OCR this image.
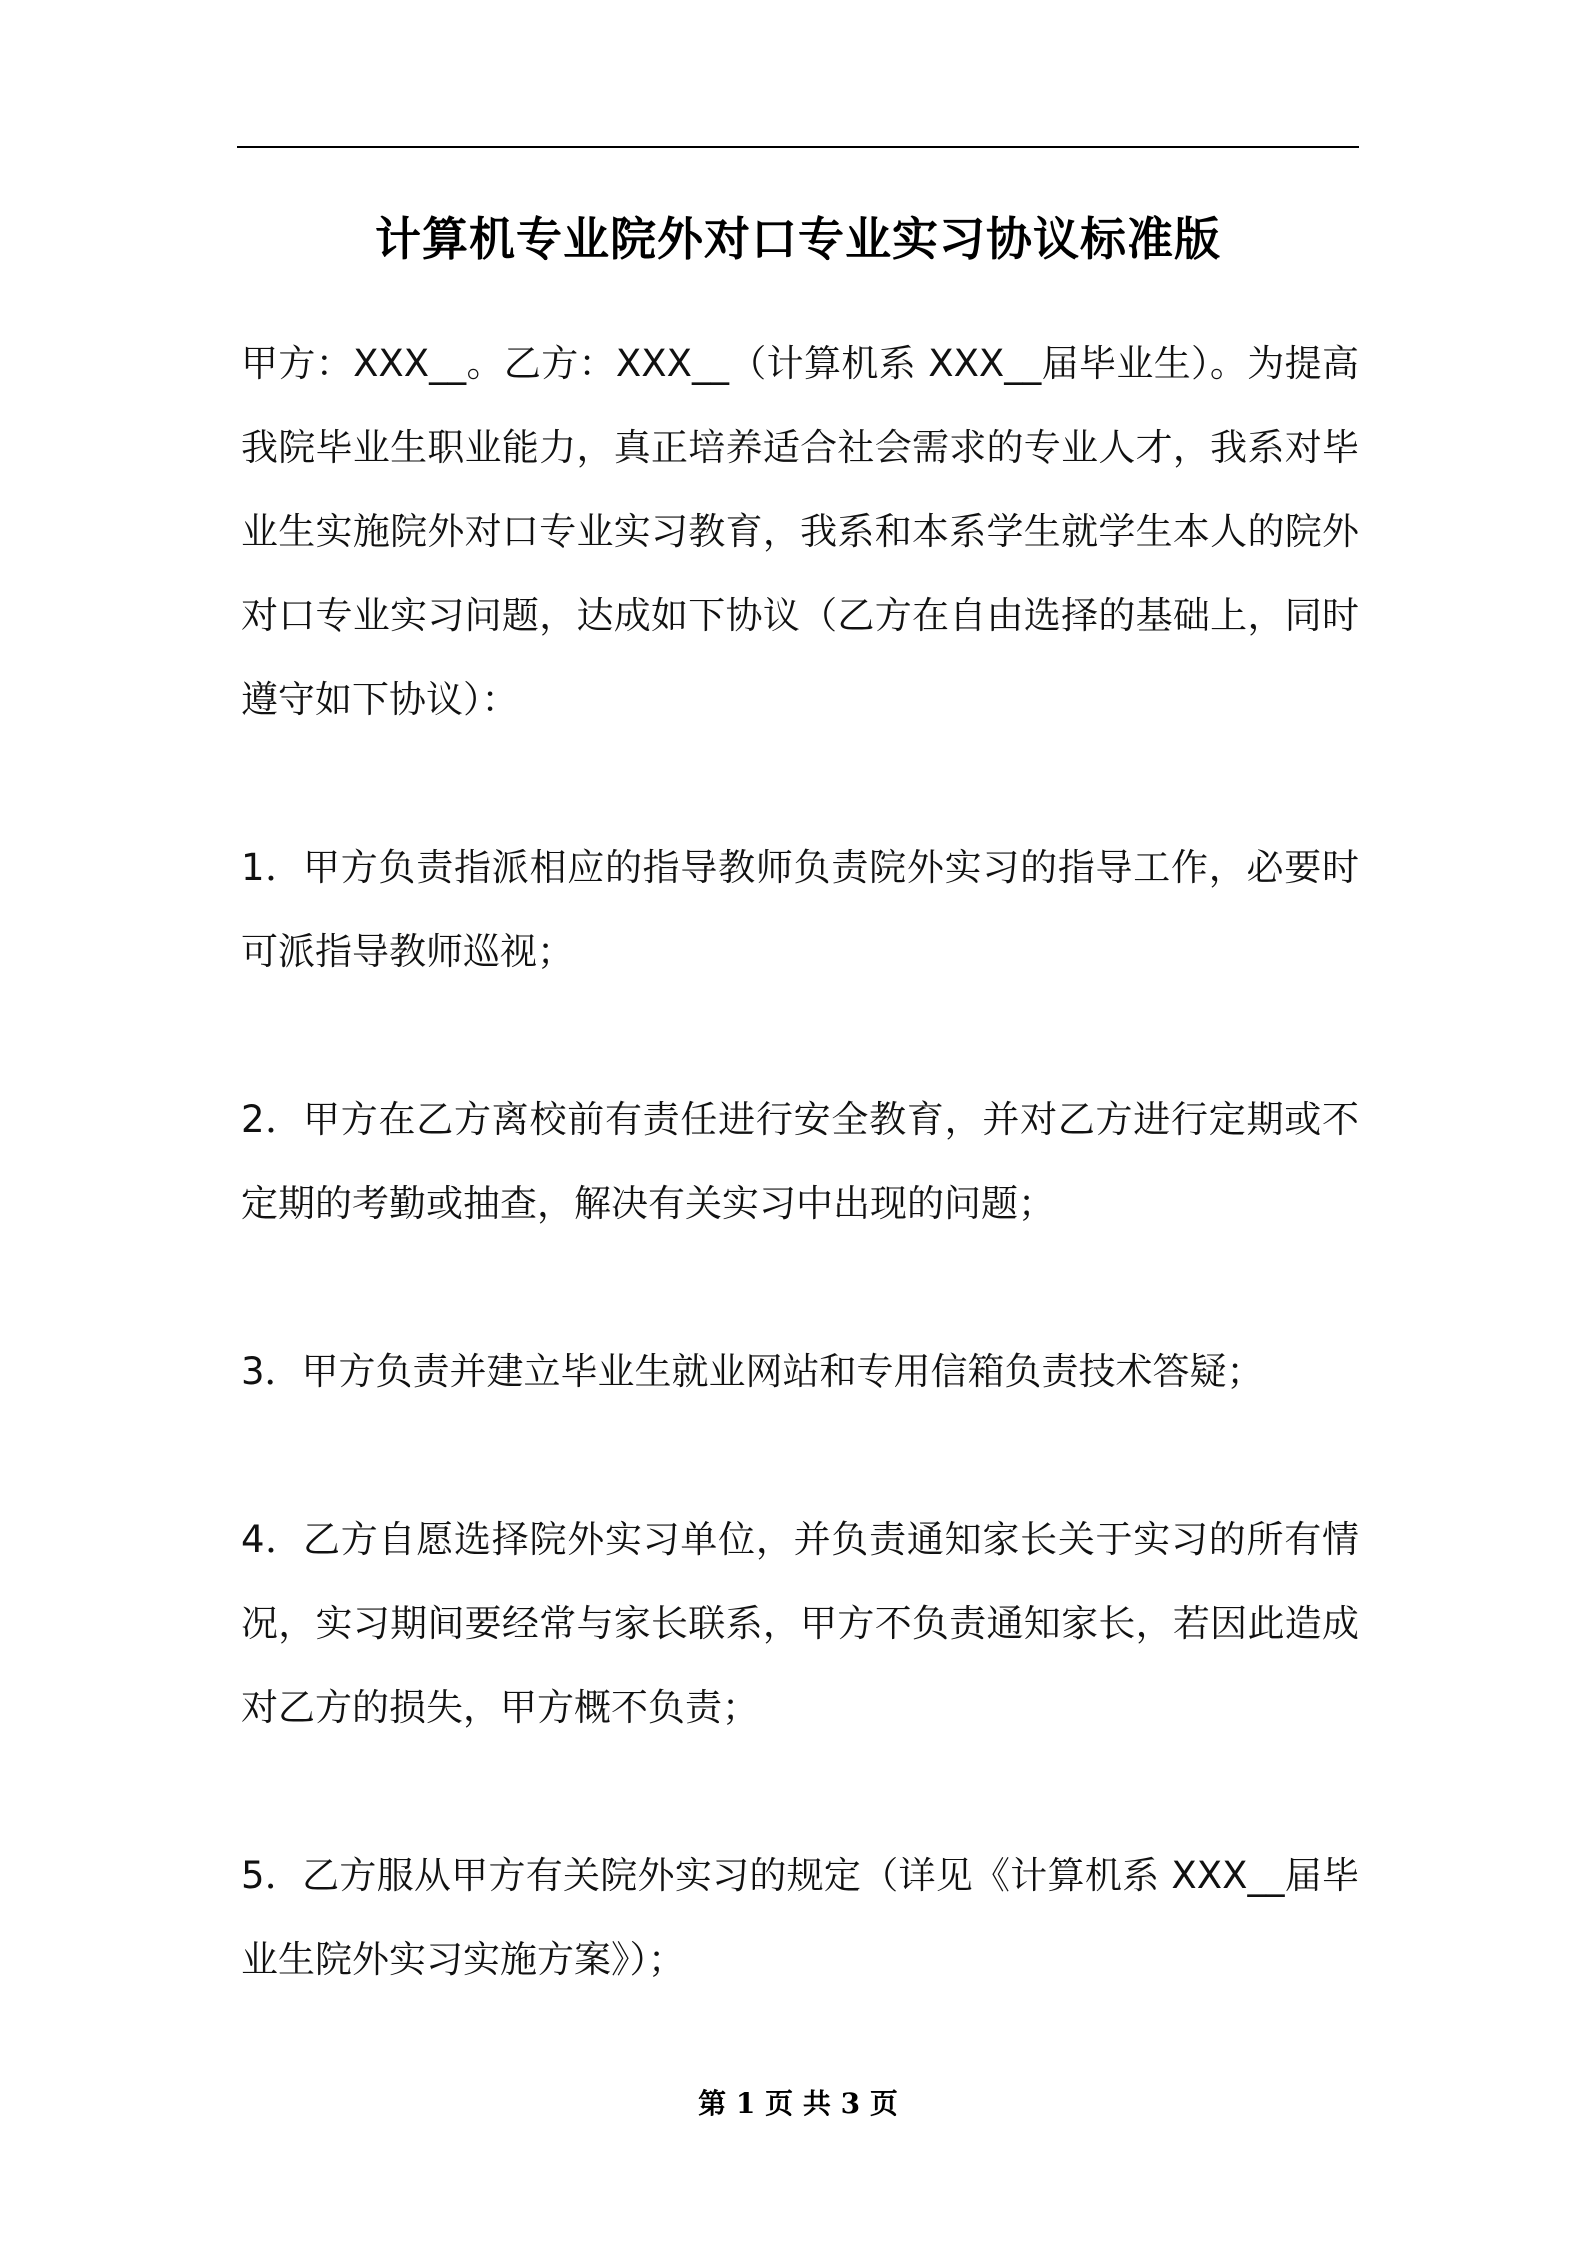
计算机专业院外对口专业实习协议标准版

甲方：XXX__。乙方：XXX__（计算机系 XXX__届毕业生）。为提高我院毕业生职业能力，真正培养适合社会需求的专业人才，我系对毕业生实施院外对口专业实习教育，我系和本系学生就学生本人的院外对口专业实习问题，达成如下协议（乙方在自由选择的基础上，同时遵守如下协议）：

1．甲方负责指派相应的指导教师负责院外实习的指导工作，必要时可派指导教师巡视；

2．甲方在乙方离校前有责任进行安全教育，并对乙方进行定期或不定期的考勤或抽查，解决有关实习中出现的问题；

3．甲方负责并建立毕业生就业网站和专用信箱负责技术答疑；

4．乙方自愿选择院外实习单位，并负责通知家长关于实习的所有情况，实习期间要经常与家长联系，甲方不负责通知家长，若因此造成对乙方的损失，甲方概不负责；

5．乙方服从甲方有关院外实习的规定（详见《计算机系 XXX__届毕业生院外实习实施方案》）；

第 1 页 共 3 页
